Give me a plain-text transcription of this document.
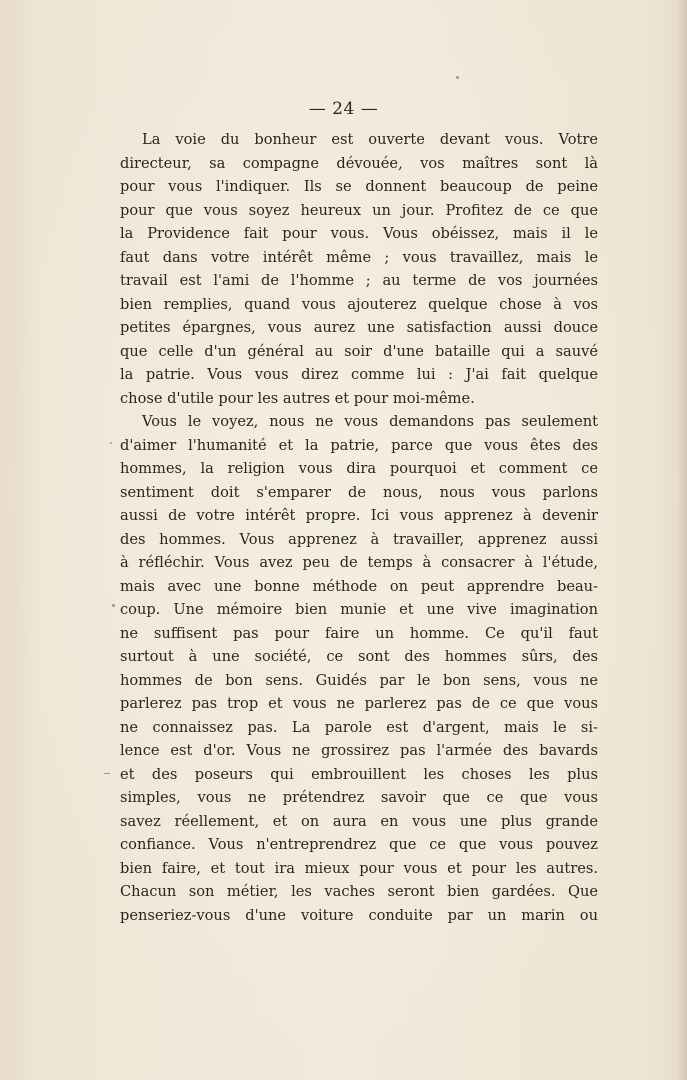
— 24 —
La voie du bonheur est ouverte devant vous. Votre
directeur, sa compagne dévouée, vos maîtres sont là
pour vous l'indiquer. Ils se donnent beaucoup de peine
pour que vous soyez heureux un jour. Profitez de ce que
la Providence fait pour vous. Vous obéissez, mais il le
faut dans votre intérêt même ; vous travaillez, mais le
travail est l'ami de l'homme ; au terme de vos journées
bien remplies, quand vous ajouterez quelque chose à vos
petites épargnes, vous aurez une satisfaction aussi douce
que celle d'un général au soir d'une bataille qui a sauvé
la patrie. Vous vous direz comme lui : J'ai fait quelque
chose d'utile pour les autres et pour moi-même.
Vous le voyez, nous ne vous demandons pas seulement
d'aimer l'humanité et la patrie, parce que vous êtes des
hommes, la religion vous dira pourquoi et comment ce
sentiment doit s'emparer de nous, nous vous parlons
aussi de votre intérêt propre. Ici vous apprenez à devenir
des hommes. Vous apprenez à travailler, apprenez aussi
à réfléchir. Vous avez peu de temps à consacrer à l'étude,
mais avec une bonne méthode on peut apprendre beau-
coup. Une mémoire bien munie et une vive imagination
ne suffisent pas pour faire un homme. Ce qu'il faut
surtout à une société, ce sont des hommes sûrs, des
hommes de bon sens. Guidés par le bon sens, vous ne
parlerez pas trop et vous ne parlerez pas de ce que vous
ne connaissez pas. La parole est d'argent, mais le si-
lence est d'or. Vous ne grossirez pas l'armée des bavards
et des poseurs qui embrouillent les choses les plus
simples, vous ne prétendrez savoir que ce que vous
savez réellement, et on aura en vous une plus grande
confiance. Vous n'entreprendrez que ce que vous pouvez
bien faire, et tout ira mieux pour vous et pour les autres.
Chacun son métier, les vaches seront bien gardées. Que
penseriez-vous d'une voiture conduite par un marin ou
